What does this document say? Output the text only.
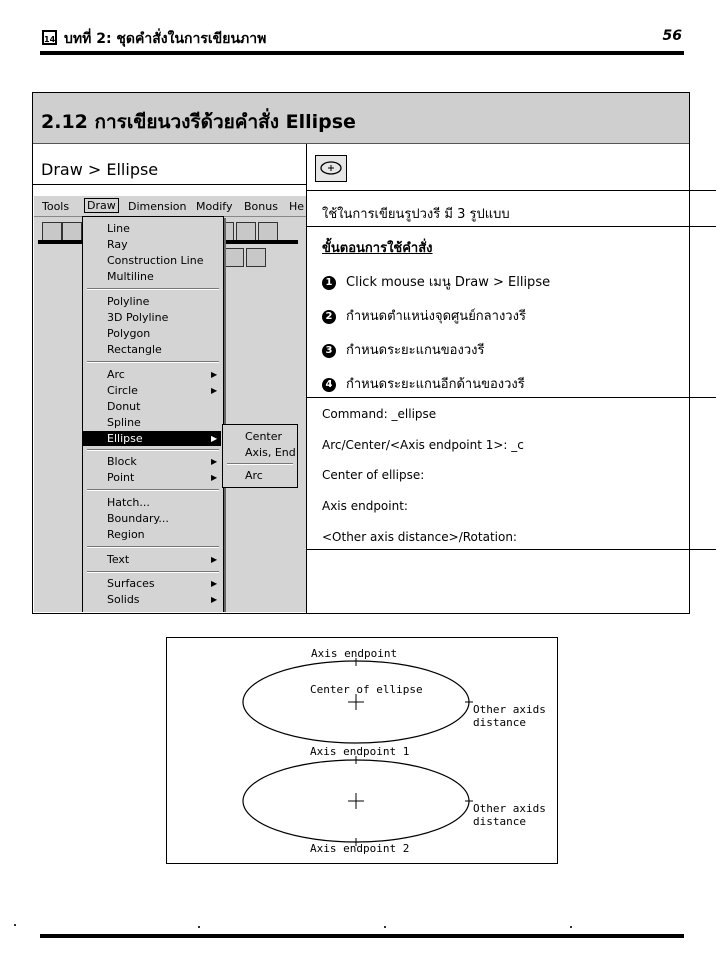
14 บทที่ 2: ชุดคำสั่งในการเขียนภาพ	56
2.12 การเขียนวงรีด้วยคำสั่ง Ellipse
Draw > Ellipse
ใช้ในการเขียนรูปวงรี มี 3 รูปแบบ
ขั้นตอนการใช้คำสั่ง
1 Click mouse เมนู Draw > Ellipse
2 กำหนดตำแหน่งจุดศูนย์กลางวงรี
3 กำหนดระยะแกนของวงรี
4 กำหนดระยะแกนอีกด้านของวงรี
Command: _ellipse
Arc/Center/<Axis endpoint 1>: _c
Center of ellipse:
Axis endpoint:
<Other axis distance>/Rotation:
Tools Draw Dimension Modify Bonus He
Line
Ray
Construction Line
Multiline
Polyline
3D Polyline
Polygon
Rectangle
Arc	▶
Circle	▶
Donut
Spline
Ellipse	▶
Block	▶
Point	▶
Hatch...
Boundary...
Region
Text	▶
Surfaces	▶
Solids	▶
Center
Axis, End
Arc
Axis endpoint
Center of ellipse
Other axids
distance
Axis endpoint 1
Other axids
distance
Axis endpoint 2
